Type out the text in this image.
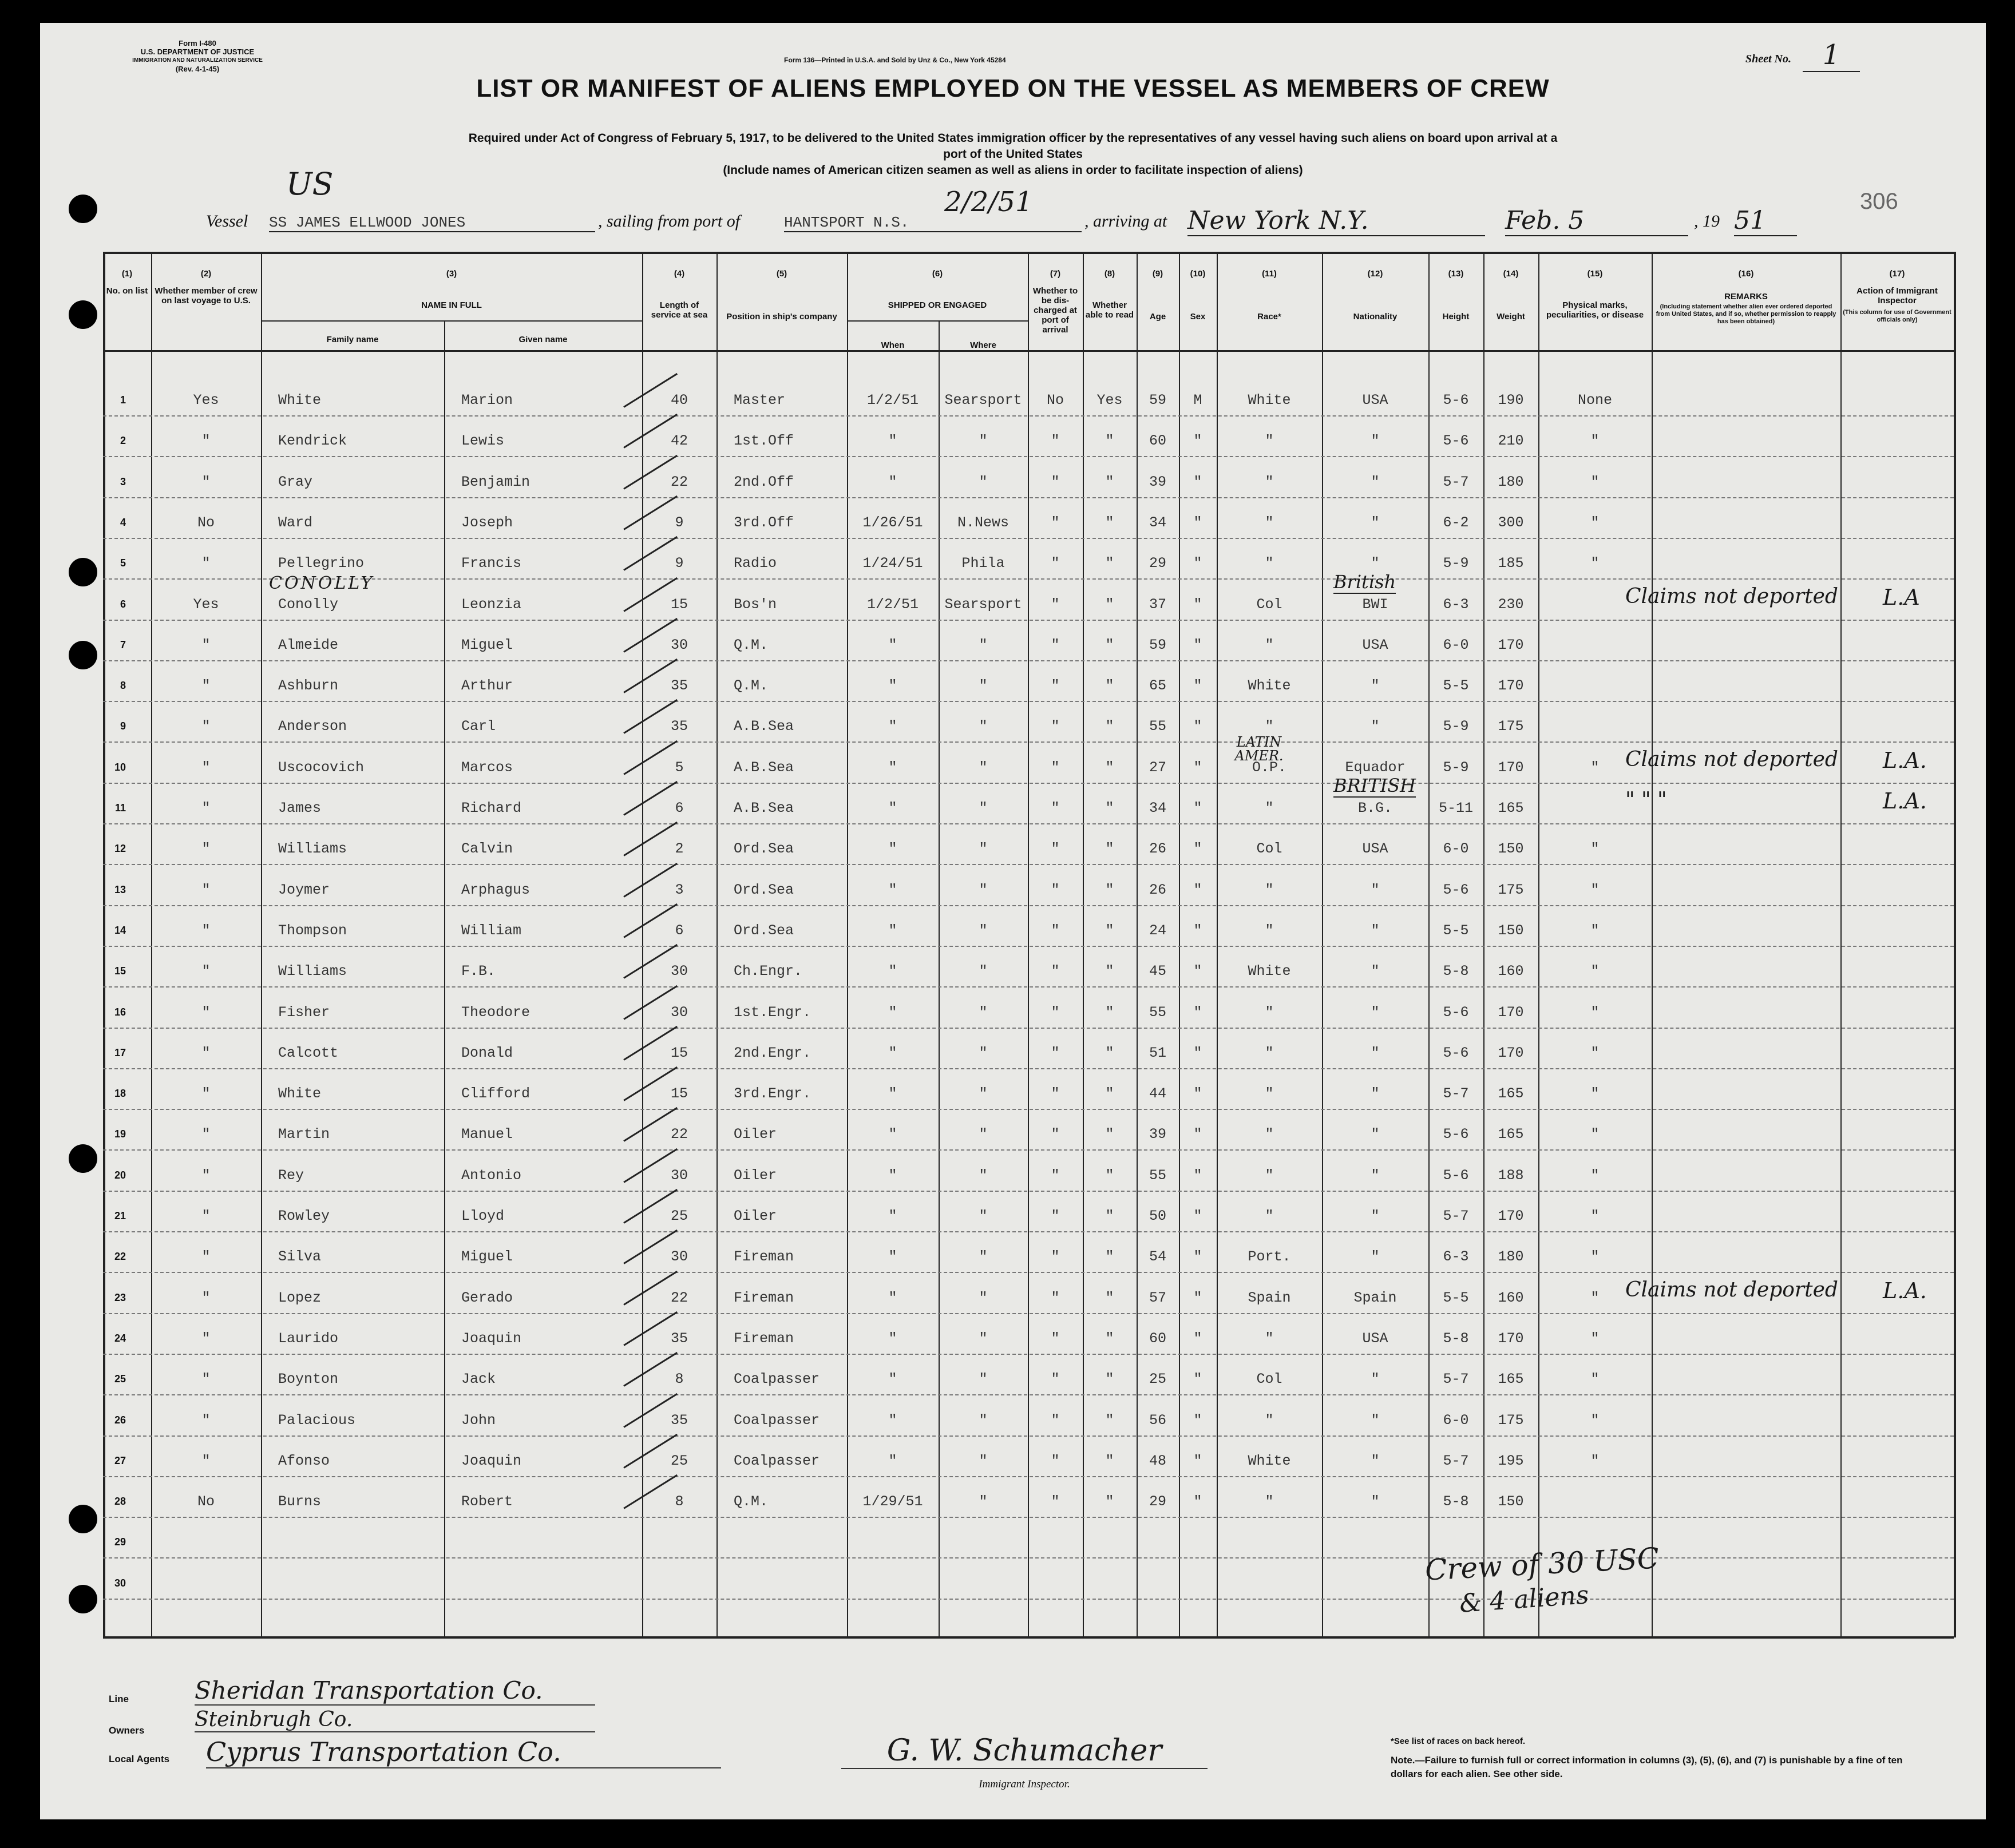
Form I-480
U.S. DEPARTMENT OF JUSTICE
IMMIGRATION AND NATURALIZATION SERVICE
(Rev. 4-1-45)
Form 136—Printed in U.S.A. and Sold by Unz & Co., New York 45284	Sheet No.	1
LIST OR MANIFEST OF ALIENS EMPLOYED ON THE VESSEL AS MEMBERS OF CREW
Required under Act of Congress of February 5, 1917, to be delivered to the United States immigration officer by the representatives of any vessel having such aliens on board upon arrival at a
port of the United States
(Include names of American citizen seamen as well as aliens in order to facilitate inspection of aliens)
US
Vessel SS JAMES ELLWOOD JONES	, sailing from port of	HANTSPORT N.S.
2/2/51
, arriving at New York N.Y.	Feb. 5	, 19 51
306
(1)
No. on list
(2)
Whether member of crew on last voyage to U.S.
(3)
NAME IN FULL
Family name	Given name
(4)
Length of service at sea
(5)
Position in ship's company
(6)
SHIPPED OR ENGAGED
When	Where
(7)
Whether to be dis-charged at port of arrival
(8)
Whether able to read
(9)
Age
(10)
Sex
(11)
Race*
(12)
Nationality
(13)
Height
(14)
Weight
(15)
Physical marks, peculiarities, or disease
(16)
REMARKS
(Including statement whether alien ever ordered deported from United States, and if so, whether permission to reapply has been obtained)
(17)
Action of Immigrant Inspector
(This column for use of Government officials only)
1	Yes	White	Marion	40	Master	1/2/51	Searsport	No	Yes	59	M	White	USA	5-6	190	None
2	"	Kendrick	Lewis	42	1st.Off	"	"	"	"	60	"	"	"	5-6	210	"
3	"	Gray	Benjamin	22	2nd.Off	"	"	"	"	39	"	"	"	5-7	180	"
4	No	Ward	Joseph	9	3rd.Off	1/26/51	N.News	"	"	34	"	"	"	6-2	300	"
5	"	Pellegrino	Francis	9	Radio	1/24/51	Phila	"	"	29	"	"	"	5-9	185	"
6	Yes	Conolly	Leonzia	15	Bos'n	1/2/51	Searsport	"	"	37	"	Col	BWI	6-3	230
CONOLLY	British
Claims not deported L.A
7	"	Almeide	Miguel	30	Q.M.	"	"	"	"	59	"	"	USA	6-0	170
8	"	Ashburn	Arthur	35	Q.M.	"	"	"	"	65	"	White	"	5-5	170
9	"	Anderson	Carl	35	A.B.Sea	"	"	"	"	55	"	"	"	5-9	175
10	"	Uscocovich	Marcos	5	A.B.Sea	"	"	"	"	27	"	O.P.	Equador	5-9	170	"
LATIN AMER.	Claims not deported L.A.
11	"	James	Richard	6	A.B.Sea	"	"	"	"	34	"	"	B.G.	5-11	165
BRITISH
" " "	L.A.
12	"	Williams	Calvin	2	Ord.Sea	"	"	"	"	26	"	Col	USA	6-0	150	"
13	"	Joymer	Arphagus	3	Ord.Sea	"	"	"	"	26	"	"	"	5-6	175	"
14	"	Thompson	William	6	Ord.Sea	"	"	"	"	24	"	"	"	5-5	150	"
15	"	Williams	F.B.	30	Ch.Engr.	"	"	"	"	45	"	White	"	5-8	160	"
16	"	Fisher	Theodore	30	1st.Engr.	"	"	"	"	55	"	"	"	5-6	170	"
17	"	Calcott	Donald	15	2nd.Engr.	"	"	"	"	51	"	"	"	5-6	170	"
18	"	White	Clifford	15	3rd.Engr.	"	"	"	"	44	"	"	"	5-7	165	"
19	"	Martin	Manuel	22	Oiler	"	"	"	"	39	"	"	"	5-6	165	"
20	"	Rey	Antonio	30	Oiler	"	"	"	"	55	"	"	"	5-6	188	"
21	"	Rowley	Lloyd	25	Oiler	"	"	"	"	50	"	"	"	5-7	170	"
22	"	Silva	Miguel	30	Fireman	"	"	"	"	54	"	Port.	"	6-3	180	"
23	"	Lopez	Gerado	22	Fireman	"	"	"	"	57	"	Spain	Spain	5-5	160	"	Claims not deported L.A.
24	"	Laurido	Joaquin	35	Fireman	"	"	"	"	60	"	"	USA	5-8	170	"
25	"	Boynton	Jack	8	Coalpasser	"	"	"	"	25	"	Col	"	5-7	165	"
26	"	Palacious	John	35	Coalpasser	"	"	"	"	56	"	"	"	6-0	175	"
27	"	Afonso	Joaquin	25	Coalpasser	"	"	"	"	48	"	White	"	5-7	195	"
28	No	Burns	Robert	8	Q.M.	1/29/51	"	"	"	29	"	"	"	5-8	150
29
30	Crew of 30 USC
& 4 aliens
Line	Sheridan Transportation Co.
Owners Steinbrugh Co.
Local Agents Cyprus Transportation Co.	G. W. Schumacher
Immigrant Inspector.
*See list of races on back hereof.
Note.—Failure to furnish full or correct information in columns (3), (5), (6), and (7) is punishable by a fine of ten dollars for each alien. See other side.
